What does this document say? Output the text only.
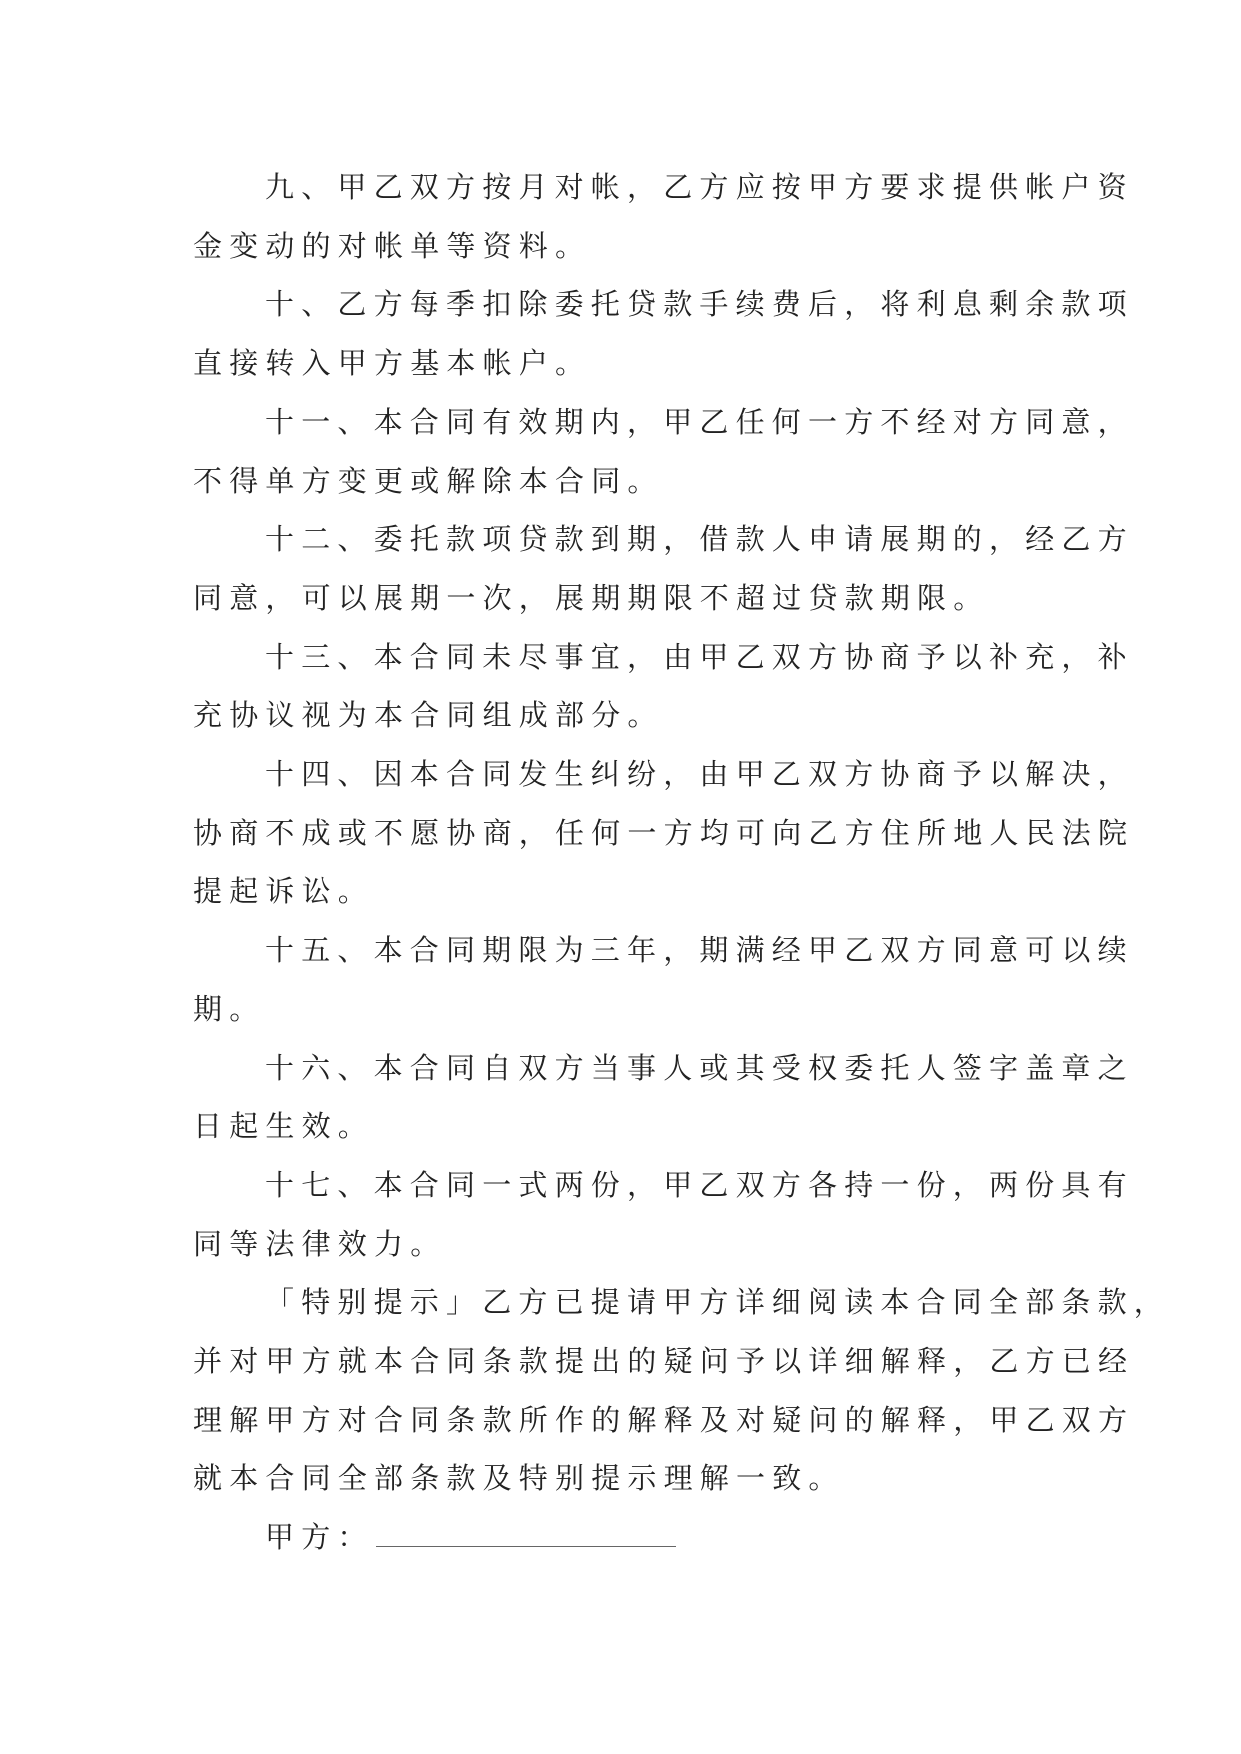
九、甲乙双方按月对帐，乙方应按甲方要求提供帐户资
金变动的对帐单等资料。

十、乙方每季扣除委托贷款手续费后，将利息剩余款项
直接转入甲方基本帐户。

十一、本合同有效期内，甲乙任何一方不经对方同意，
不得单方变更或解除本合同。

十二、委托款项贷款到期，借款人申请展期的，经乙方
同意，可以展期一次，展期期限不超过贷款期限。

十三、本合同未尽事宜，由甲乙双方协商予以补充，补
充协议视为本合同组成部分。

十四、因本合同发生纠纷，由甲乙双方协商予以解决，
协商不成或不愿协商，任何一方均可向乙方住所地人民法院
提起诉讼。

十五、本合同期限为三年，期满经甲乙双方同意可以续
期。

十六、本合同自双方当事人或其受权委托人签字盖章之
日起生效。

十七、本合同一式两份，甲乙双方各持一份，两份具有
同等法律效力。

「特别提示」乙方已提请甲方详细阅读本合同全部条款，
并对甲方就本合同条款提出的疑问予以详细解释，乙方已经
理解甲方对合同条款所作的解释及对疑问的解释，甲乙双方
就本合同全部条款及特别提示理解一致。

甲方：
